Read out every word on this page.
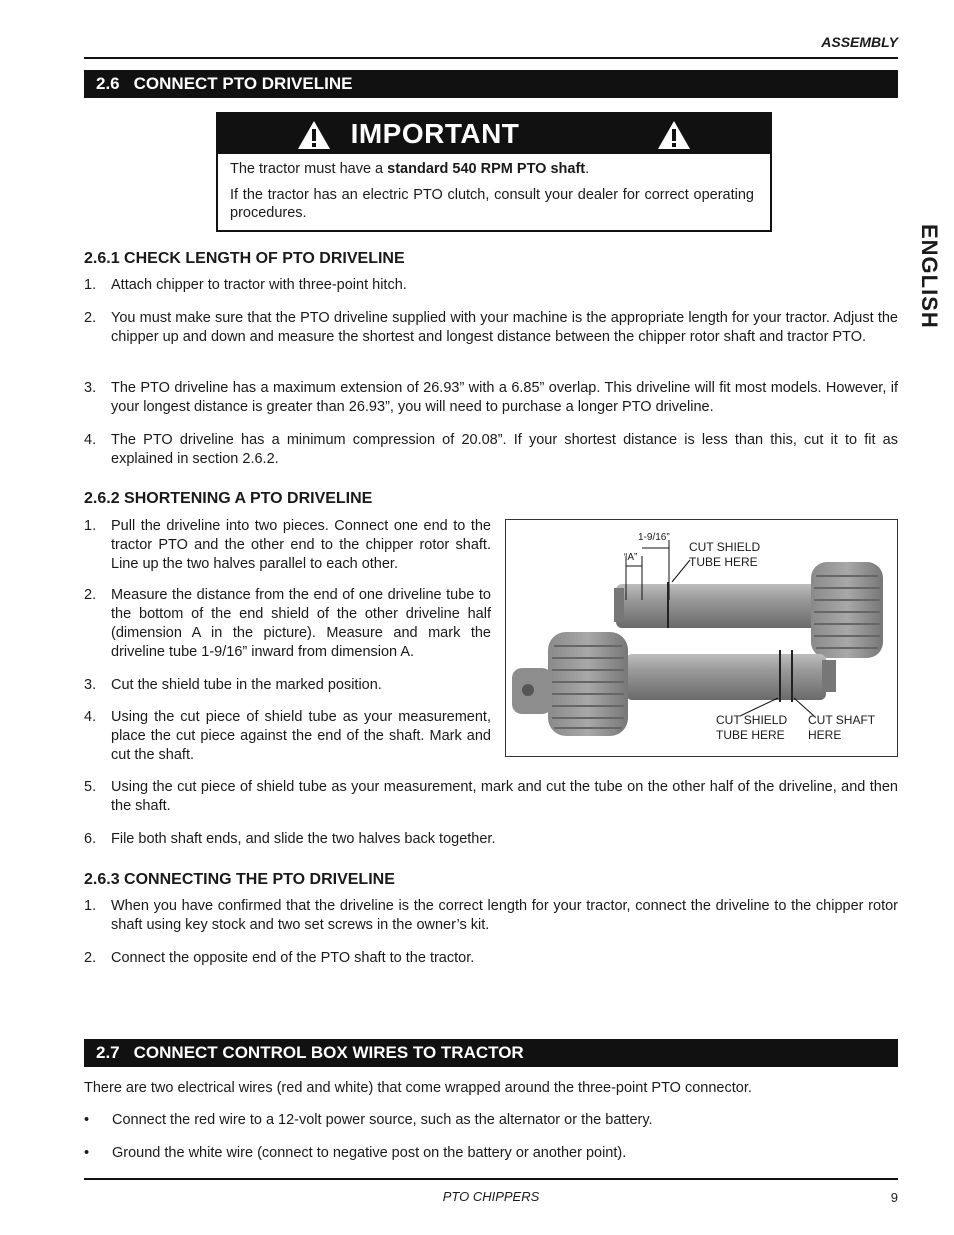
ASSEMBLY
ENGLISH
2.6 CONNECT PTO DRIVELINE
IMPORTANT

The tractor must have a standard 540 RPM PTO shaft.

If the tractor has an electric PTO clutch, consult your dealer for correct operating procedures.

2.6.1 CHECK LENGTH OF PTO DRIVELINE
1. Attach chipper to tractor with three-point hitch.
2. You must make sure that the PTO driveline supplied with your machine is the appropriate length for your tractor. Adjust the chipper up and down and measure the shortest and longest distance between the chipper rotor shaft and tractor PTO.
3. The PTO driveline has a maximum extension of 26.93” with a 6.85” overlap. This driveline will fit most models. However, if your longest distance is greater than 26.93”, you will need to purchase a longer PTO driveline.
4. The PTO driveline has a minimum compression of 20.08”. If your shortest distance is less than this, cut it to fit as explained in section 2.6.2.
2.6.2 SHORTENING A PTO DRIVELINE
1. Pull the driveline into two pieces. Connect one end to the tractor PTO and the other end to the chipper rotor shaft. Line up the two halves parallel to each other.
2. Measure the distance from the end of one driveline tube to the bottom of the end shield of the other driveline half (dimension A in the picture). Measure and mark the driveline tube 1-9/16” inward from dimension A.
3. Cut the shield tube in the marked position.
4. Using the cut piece of shield tube as your measurement, place the cut piece against the end of the shaft. Mark and cut the shaft.
1-9/16”
“A”
CUT SHIELD
TUBE HERE
CUT SHIELD
TUBE HERE
CUT SHAFT
HERE
5. Using the cut piece of shield tube as your measurement, mark and cut the tube on the other half of the driveline, and then the shaft.
6. File both shaft ends, and slide the two halves back together.
2.6.3 CONNECTING THE PTO DRIVELINE
1. When you have confirmed that the driveline is the correct length for your tractor, connect the driveline to the chipper rotor shaft using key stock and two set screws in the owner’s kit.
2. Connect the opposite end of the PTO shaft to the tractor.
2.7 CONNECT CONTROL BOX WIRES TO TRACTOR
There are two electrical wires (red and white) that come wrapped around the three-point PTO connector.
• Connect the red wire to a 12-volt power source, such as the alternator or the battery.
• Ground the white wire (connect to negative post on the battery or another point).
PTO CHIPPERS	9
